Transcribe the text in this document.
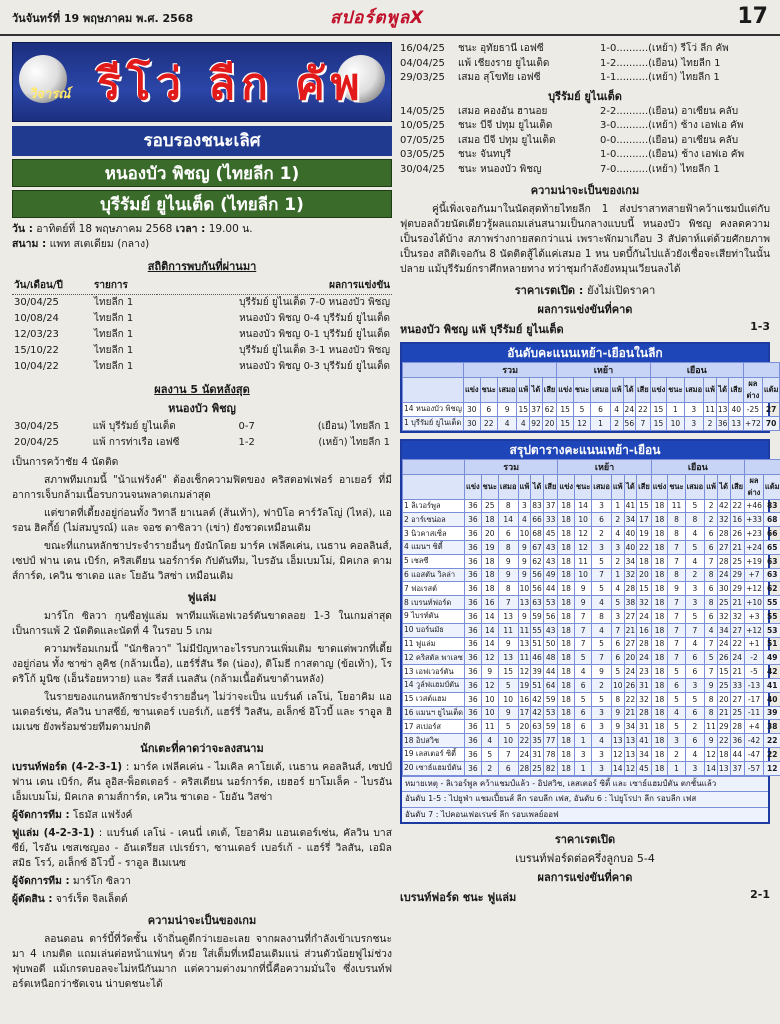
วันจันทร์ที่ 19 พฤษภาคม พ.ศ. 2568	สปอร์ตพูลX	17
วิจารณ์ รีโว่ ลีก คัพ
รอบรองชนะเลิศ
หนองบัว พิชญ (ไทยลีก 1)
บุรีรัมย์ ยูไนเต็ด (ไทยลีก 1)
วัน : อาทิตย์ที่ 18 พฤษภาคม 2568 เวลา : 19.00 น.
สนาม : แพท สเตเดียม (กลาง)
สถิติการพบกันที่ผ่านมา
วัน/เดือน/ปี	รายการ	ผลการแข่งขัน
30/04/25	ไทยลีก 1	บุรีรัมย์ ยูไนเต็ด 7-0 หนองบัว พิชญ
10/08/24	ไทยลีก 1	หนองบัว พิชญ 0-4 บุรีรัมย์ ยูไนเต็ด
12/03/23	ไทยลีก 1	หนองบัว พิชญ 0-1 บุรีรัมย์ ยูไนเต็ด
15/10/22	ไทยลีก 1	บุรีรัมย์ ยูไนเต็ด 3-1 หนองบัว พิชญ
10/04/22	ไทยลีก 1	หนองบัว พิชญ 0-3 บุรีรัมย์ ยูไนเต็ด
ผลงาน 5 นัดหลังสุด
หนองบัว พิชญ
30/04/25	แพ้ บุรีรัมย์ ยูไนเต็ด	0-7	(เยือน) ไทยลีก 1
20/04/25	แพ้ การท่าเรือ เอฟซี	1-2	(เหย้า) ไทยลีก 1
เป็นการคว้าชัย 4 นัดติด
สภาพทีมเกมนี้ "น้าแฟร้งค์" ต้องเช็กความฟิตของ คริสตอฟเฟอร์ อาเยอร์ ที่มีอาการเจ็บกล้ามเนื้อรบกวนจนพลาดเกมล่าสุด
แต่ขาดที่เดี้ยงอยู่ก่อนทั้ง วิทาลี ยาเนลต์ (ส้นเท้า), ฟาบิโอ คาร์วัลโญ่ (ไหล่), แอรอน ฮิคกี้ย์ (ไม่สมบูรณ์) และ จอช ดาซิลวา (เข่า) ยังชวดเหมือนเดิม
ขณะที่แกนหลักชาประจำรายอื่นๆ ยังนักโดย มาร์ค เฟลีคเค่น, เนธาน คอลลินส์, เซปป์ ฟาน เดน เบิร์ก, คริสเตียน นอร์การ์ด กัปตันทีม, ไบรอัน เอ็มเบมโม่, มิคเกล ดามส์การ์ด, เควิน ชาเดอ และ โยอัน วิสซ่า เหมือนเดิม
ฟูแล่ม
มาร์โก ซิลวา กุนซือฟูแล่ม พาทีมแพ้เอฟเวอร์ตันขาดลอย 1-3 ในเกมล่าสุด เป็นการแพ้ 2 นัดติดและนัดที่ 4 ในรอบ 5 เกม
ความพร้อมเกมนี้ "นักชิลวา" ไม่มีปัญหาอะไรรบกวนเพิ่มเติม ขาดแต่พวกที่เดี้ยงอยู่ก่อน ทั้ง ซาซ่า ลูคิช (กล้ามเนื้อ), แฮร์รี่สัน รีด (น่อง), ติโมธี กาสตาญ (ข้อเท้า), โรดริโก้ มูนิซ (เอ็นร้อยหวาย) และ รีสส์ เนลสัน (กล้ามเนื้อต้นขาด้านหลัง)
ในรายของแกนหลักชาประจำรายอื่นๆ ไม่ว่าจะเป็น แบร์นด์ เลโน่, โยอาคิม แอนเดอร์เซ่น, คัลวิน บาสซีย์, ซานเดอร์ เบอร์เก้, แฮร์รี่ วิลสัน, อเล็กซ์ อิโวบี้ และ ราอูล ฮิเมเนซ ยังพร้อมช่วยทีมตามปกติ
นักเตะที่คาดว่าจะลงสนาม
เบรนท์ฟอร์ด (4-2-3-1) : มาร์ค เฟลีคเค่น - ไมเคิล คาโยเด้, เนธาน คอลลินส์, เซปป์ ฟาน เดน เบิร์ก, คีน ลูอิส-พ็อตเตอร์ - คริสเตียน นอร์การ์ด, เยฮอร์ ยาโมเล็ค - ไบรอัน เอ็มเบมโม่, มิคเกล ดามส์การ์ด, เควิน ชาเดอ - โยอัน วิสซ่า
ผู้จัดการทีม : โธมัส แฟร้งค์
ฟูแล่ม (4-2-3-1) : แบร์นด์ เลโน่ - เคนนี่ เตเต้, โยอาคิม แอนเดอร์เซ่น, คัลวิน บาสซีย์, ไรอัน เซสเซญอง - อันเดรียส เปเรย์รา, ซานเดอร์ เบอร์เก้ - แฮร์รี่ วิลสัน, เอมิล สมิธ โรว์, อเล็กซ์ อิโวบี้ - ราอูล ฮิเมเนซ
ผู้จัดการทีม : มาร์โก ซิลวา
ผู้ตัดสิน : จาร์เร็ด จิลเล็ตต์
ความน่าจะเป็นของเกม
ลอนดอน ดาร์บี้ที่วัดชั้น เจ้าถิ่นดูดีกว่าเยอะเลย จากผลงานที่กำลังเข้าเบรกชนะมา 4 เกมติด แถมเล่นต่อหน้าแฟนๆ ด้วย ใส่เต็มที่เหมือนเดิมแน่ ส่วนตัวน้อยฟูไม่ช่วงฟุบพอดี แม้เกรดบอลจะไม่หนีกันมาก แต่ความต่างมากที่นี้คือความมั่นใจ ซึ่งเบรนท์ฟอร์ดเหนือกว่าชัดเจน น่าบดชนะได้
16/04/25	ชนะ อุทัยธานี เอฟซี	1-0..........(เหย้า) รีโว่ ลีก คัพ
04/04/25	แพ้ เชียงราย ยูไนเต็ด	1-2..........(เยือน) ไทยลีก 1
29/03/25	เสมอ สุโขทัย เอฟซี	1-1..........(เหย้า) ไทยลีก 1
บุรีรัมย์ ยูไนเต็ด
14/05/25	เสมอ คองอัน ฮานอย	2-2..........(เยือน) อาเซียน คลับ
10/05/25	ชนะ บีจี ปทุม ยูไนเต็ด	3-0..........(เหย้า) ช้าง เอฟเอ คัพ
07/05/25	เสมอ บีจี ปทุม ยูไนเต็ด	0-0..........(เยือน) อาเซียน คลับ
03/05/25	ชนะ จันทบุรี	1-0..........(เยือน) ช้าง เอฟเอ คัพ
30/04/25	ชนะ หนองบัว พิชญ	7-0..........(เหย้า) ไทยลีก 1
ความน่าจะเป็นของเกม
คู่นี้เพิ่งเจอกันมาในนัดสุดท้ายไทยลีก 1 ส่งปราสาทสายฟ้าคว้าแชมป์แต่กับฟุตบอลถ้วยนัดเดียวรู้ผลแถมเล่นสนามเป็นกลางแบบนี้ หนองบัว พิชญ คงลดความเป็นรองได้บ้าง สภาพร่างกายสดกว่าแน่ เพราะพักมาเกือบ 3 สัปดาห์แต่ด้วยศักยภาพเป็นรอง สถิติเจอกัน 8 นัดติดสู้ได้แค่เสมอ 1 หน บดบี้กันไปแล้วยังเชื่อจะเสียท่าในนั้นปลาย แม้บุรีรัมย์กราศึกหลายทาง ทว่าชุมกำลังยังหมุนเวียนลงได้
ราคาเรตเปิด : ยังไม่เปิดราคา
ผลการแข่งขันที่คาด
หนองบัว พิชญ แพ้ บุรีรัมย์ ยูไนเต็ด	1-3
อันดับคะแนนเหย้า-เยือนในลีก
	รวม						เหย้า						เยือน							
	แข่ง	ชนะ	เสมอ	แพ้	ได้	เสีย	แข่ง	ชนะ	เสมอ	แพ้	ได้	เสีย	แข่ง	ชนะ	เสมอ	แพ้	ได้	เสีย	ผลต่าง	แต้ม
14 หนองบัว พิชญ	30	6	9	15	37	62	15	5	6	4	24	22	15	1	3	11	13	40	-25	27
1 บุรีรัมย์ ยูไนเต็ด	30	22	4	4	92	20	15	12	1	2	56	7	15	10	3	2	36	13	+72	70
สรุปตารางคะแนนเหย้า-เยือน
	รวม						เหย้า						เยือน							
	แข่ง	ชนะ	เสมอ	แพ้	ได้	เสีย	แข่ง	ชนะ	เสมอ	แพ้	ได้	เสีย	แข่ง	ชนะ	เสมอ	แพ้	ได้	เสีย	ผลต่าง	แต้ม
1 ลิเวอร์พูล	36	25	8	3	83	37	18	14	3	1	41	15	18	11	5	2	42	22	+46	83
2 อาร์เซน่อล	36	18	14	4	66	33	18	10	6	2	34	17	18	8	8	2	32	16	+33	68
3 นิวคาสเซิ่ล	36	20	6	10	68	45	18	12	2	4	40	19	18	8	4	6	28	26	+23	66
4 แมนฯ ซิตี้	36	19	8	9	67	43	18	12	3	3	40	22	18	7	5	6	27	21	+24	65
5 เชลซี	36	18	9	9	62	43	18	11	5	2	34	18	18	7	4	7	28	25	+19	63
6 แอสตัน วิลล่า	36	18	9	9	56	49	18	10	7	1	32	20	18	8	2	8	24	29	+7	63
7 ฟอเรสต์	36	18	8	10	56	44	18	9	5	4	28	15	18	9	3	6	30	29	+12	62
8 เบรนท์ฟอร์ด	36	16	7	13	63	53	18	9	4	5	38	32	18	7	3	8	25	21	+10	55
9 ไบรท์ตัน	36	14	13	9	59	56	18	7	8	3	27	24	18	7	5	6	32	32	+3	55
10 บอร์นมัธ	36	14	11	11	55	43	18	7	4	7	21	16	18	7	7	4	34	27	+12	53
11 ฟูแล่ม	36	14	9	13	51	50	18	7	5	6	27	28	18	7	4	7	24	22	+1	51
12 คริสตัล พาเลซ	36	12	13	11	46	48	18	5	7	6	20	24	18	7	6	5	26	24	-2	49
13 เอฟเวอร์ตัน	36	9	15	12	39	44	18	4	9	5	24	23	18	5	6	7	15	21	-5	42
14 วูล์ฟแฮมป์ตัน	36	12	5	19	51	64	18	6	2	10	26	31	18	6	3	9	25	33	-13	41
15 เวสต์แฮม	36	10	10	16	42	59	18	5	5	8	22	32	18	5	5	8	20	27	-17	40
16 แมนฯ ยูไนเต็ด	36	10	9	17	42	53	18	6	3	9	21	28	18	4	6	8	21	25	-11	39
17 สเปอร์ส	36	11	5	20	63	59	18	6	3	9	34	31	18	5	2	11	29	28	+4	38
18 อิปสวิช	36	4	10	22	35	77	18	1	4	13	13	41	18	3	6	9	22	36	-42	22
19 เลสเตอร์ ซิตี้	36	5	7	24	31	78	18	3	3	12	13	34	18	2	4	12	18	44	-47	22
20 เซาธ์แฮมป์ตัน	36	2	6	28	25	82	18	1	3	14	12	45	18	1	3	14	13	37	-57	12
หมายเหตุ - ลิเวอร์พูล คว้าแชมป์แล้ว - อิปสวิช, เลสเตอร์ ซิตี้ และ เซาธ์แฮมป์ตัน ตกชั้นแล้ว
อันดับ 1-5 : ไปยูฟ่า แชมเปี้ยนส์ ลีก รอบลีก เฟส, อันดับ 6 : ไปยูโรปา ลีก รอบลีก เฟส
อันดับ 7 : ไปคอนเฟอเรนซ์ ลีก รอบเพลย์ออฟ
ราคาเรตเปิด
เบรนท์ฟอร์ดต่อครึ่งลูกบอ 5-4
ผลการแข่งขันที่คาด
เบรนท์ฟอร์ด ชนะ ฟูแล่ม	2-1
